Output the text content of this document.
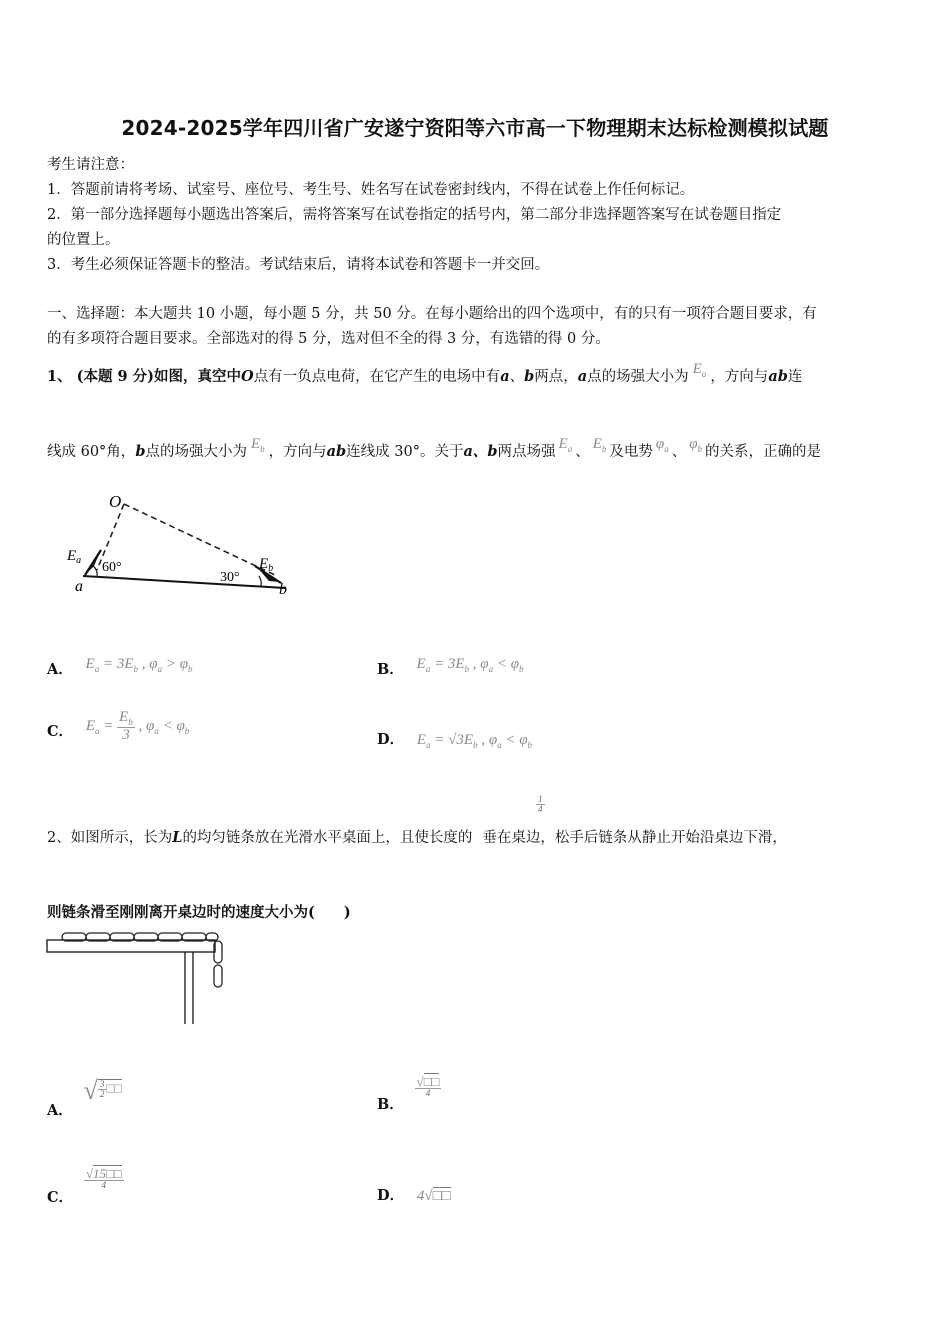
2024-2025学年四川省广安遂宁资阳等六市高一下物理期末达标检测模拟试题
考生请注意：
1．答题前请将考场、试室号、座位号、考生号、姓名写在试卷密封线内，不得在试卷上作任何标记。
2．第一部分选择题每小题选出答案后，需将答案写在试卷指定的括号内，第二部分非选择题答案写在试卷题目指定
的位置上。
3．考生必须保证答题卡的整洁。考试结束后，请将本试卷和答题卡一并交回。
一、选择题：本大题共 10 小题，每小题 5 分，共 50 分。在每小题给出的四个选项中，有的只有一项符合题目要求，有
的有多项符合题目要求。全部选对的得 5 分，选对但不全的得 3 分，有选错的得 0 分。
1、 (本题 9 分)如图，真空中O点有一负点电荷，在它产生的电场中有a、b两点，a点的场强大小为 $E_a$ ，方向与ab连
线成 60°角，b点的场强大小为 $E_b$ ，方向与ab连线成 30°。关于a、b两点场强 $E_a$ 、 $E_b$ 及电势 $\varphi_a$ 、 $\varphi_b$ 的关系，正确的是
O
a	b
$E_a$	$E_b$
60°
30°
A． $E_a = 3E_b$ , $\varphi_a > \varphi_b$	B． $E_a = 3E_b$ , $\varphi_a < \varphi_b$
C． $E_a = \frac{E_b}{3}$ , $\varphi_a < \varphi_b$
D． $E_a = √3E_b$ , $\varphi_a < \varphi_b$
$\frac{1}{4}$
2、如图所示，长为L的均匀链条放在光滑水平桌面上，且使长度的 垂在桌边，松手后链条从静止开始沿桌边下滑，
则链条滑至刚刚离开桌边时的速度大小为(　　)
A． √ $\frac{3}{2}$ □□
B．
$\frac{√□□}{4}$
C．
$\frac{√15□□}{4}$
D． 4√□□
